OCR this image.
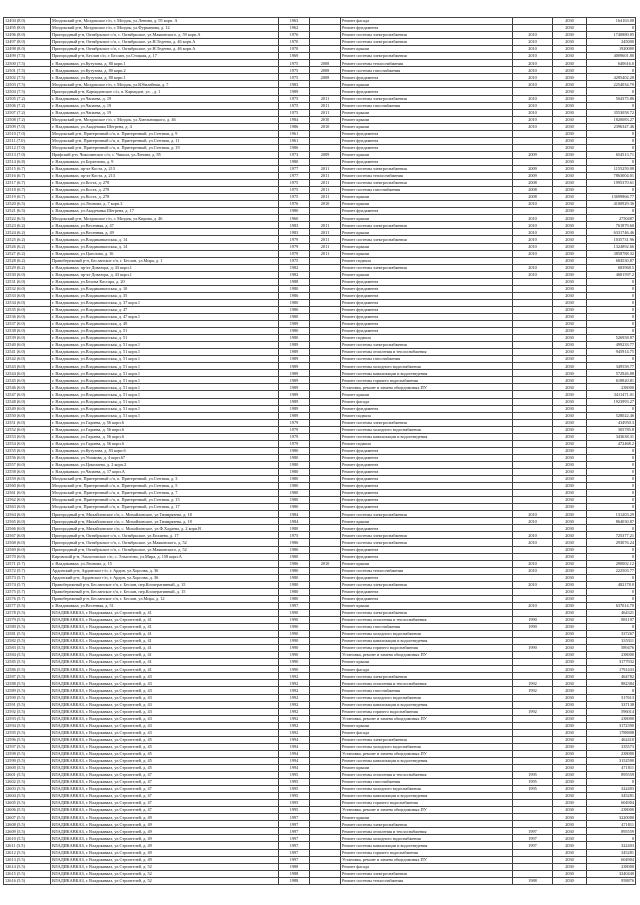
12494 (8.0)	Моздокский р-н, Моздокское г/п, г. Моздок, ул.Ленина, д. 95 корп. А	1963		Ремонт фасада		2030	164163.08
12495 (8.0)	Моздокский р-н, Моздокское г/п, г. Моздок, ул.Фурманова, д. 12	1962		Ремонт фундамента		2030	0
12496 (8.0)	Пригородный р-н, Октябрьское с/п, с. Октябрьское, ул.Маяковского, д. 59 корп.А	1976		Ремонт системы электроснабжения	2010	2030	1740880.85
12497 (8.0)	Пригородный р-н, Октябрьское с/п, с. Октябрьское, ул.Н.Тедеева, д. 46 корп.А	1970		Ремонт системы электроснабжения	2010	2030	245000
12498 (8.0)	Пригородный р-н, Октябрьское с/п, с. Октябрьское, ул.Н.Тедеева, д. 46 корп.А	1970		Ремонт крыши	2010	2030	1920000
12499 (7.5)	Пригородный р-н, Беслан с/п, г. Беслан, ул.Стоцкая, д. 17	1969		Ремонт системы электроснабжения	2010	2030	4009601.80
12500 (7.5)	г. Владикавказ, ул.Кутузова, д. 80 корп.1	1975	2008	Ремонт системы теплоснабжения	2010	2030	640616.0
12501 (7.5)	г. Владикавказ, ул.Кутузова, д. 80 корп.2	1975	2008	Ремонт системы газоснабжения	2010	2030	0
12502 (7.5)	г. Владикавказ, ул.Кутузова, д. 80 корп.1	1975	2008	Ремонт фундамента	2010	2030	4285402.28
12503 (7.5)	Моздокский р-н, Моздокское г/п, г. Моздок, ул.Юбилейная, д. 7	1983		Ремонт крыши	2010	2030	2254034.79
12504 (7.5)	Пригородный р-н, Кармадонское с/п, п. Кармадон, ул. , д. 1	1989		Ремонт фундамента		2030	0
12505 (7.2)	г. Владикавказ, ул.Чапаева, д. 19	1975	2011	Ремонт системы электроснабжения	2010	2030	504375.86
12506 (7.2)	г. Владикавказ, ул.Чапаева, д. 19	1975	2011	Ремонт системы газоснабжения	2010	2030	0
12507 (7.2)	г. Владикавказ, ул.Чапаева, д. 19	1975	2011	Ремонт крыши	2010	2030	3553058.72
12508 (7.2)	Моздокский р-н, Моздокское г/п, г. Моздок, ул.Хмельницкого, д. 46	1984	2010	Ремонт крыши	2010	2030	1820083.27
12509 (7.0)	г. Владикавказ, ул.Академика Шегрена, д. 4	1986	2010	Ремонт крыши	2010	2030	2396347.46
12510 (7.0)	Моздокский р-н, Притеречный с/п, п. Притеречный, ул.Степная, д. 9	1961		Ремонт фундамента		2030	0
12511 (7.0)	Моздокский р-н, Притеречный с/п, п. Притеречный, ул.Степная, д. 11	1961		Ремонт фундамента		2030	0
12512 (7.0)	Моздокский р-н, Притеречный с/п, п. Притеречный, ул.Степная, д. 19	1986		Ремонт фундамента		2030	0
12513 (7.0)	Ирафский р-н, Чиколинское с/п, с. Чикола, ул.Ленина, д. 85	1973	2009	Ремонт крыши	2009	2030	654513.71
12514 (6.8)	г. Владикавказ, ул.Борхенова, д. 9	1980		Ремонт фундамента		2030	0
12515 (6.7)	г. Владикавказ, пр-кт Коста, д. 213	1977	2011	Ремонт системы электроснабжения	2009	2030	1155259.08
12516 (6.7)	г. Владикавказ, пр-кт Коста, д. 213	1977	2011	Ремонт системы теплоснабжения	2009	2030	7863004.01
12517 (6.7)	г. Владикавказ, ул.Коста, д. 278	1975	2011	Ремонт системы электроснабжения	2008	2030	1995370.61
12518 (6.7)	г. Владикавказ, ул.Коста, д. 278	1975	2011	Ремонт системы газоснабжения	2008	2030	0
12519 (6.7)	г. Владикавказ, ул.Коста, д. 278	1975	2011	Ремонт крыши	2008	2030	13699866.77
12520 (6.5)	г. Владикавказ, ул.Леонова, д. 7 корп.3	1976	2010	Ремонт крыши	2010	2030	4100929.36
12521 (6.5)	г. Владикавказ, ул.Академика Шегрена, д. 17	1980		Ремонт фундамента		2030	0
12522 (6.5)	Моздокский р-н, Моздокское г/п, г. Моздок, ул.Кирова, д. 46	1960		Ремонт крыши	2010	2030	2750487
12523 (6.2)	г. Владикавказ, ул.Весенняя, д. 47	1983	2011	Ремонт системы электроснабжения	2010	2030	761879.60
12524 (6.2)	г. Владикавказ, ул.Весенняя, д. 49	1983	2011	Ремонт крыши	2010	2030	6331746.46
12525 (6.2)	г. Владикавказ, ул.Владикавказская, д. 14	1979	2011	Ремонт системы электроснабжения	2010	2030	1035731.96
12526 (6.2)	г. Владикавказ, ул.Владикавказская, д. 14	1979	2011	Ремонт крыши	2010	2030	1324892.66
12527 (6.2)	г. Владикавказ, ул.Цаголова, д. 16	1979	2011	Ремонт крыши	2010	2030	3858788.32
12528 (6.2)	Правобережный р-н, Бесланское г/п, г. Беслан, ул.Мира, д. 1	1975		Ремонт подвала		2030	684530.87
12529 (6.2)	г. Владикавказ, пр-кт Доватора, д. 43 корп.1	1982		Ремонт системы электроснабжения	2010	2030	683968.5
12530 (6.0)	г. Владикавказ, пр-кт Доватора, д. 43 корп.1	1982		Ремонт крыши	2010	2030	4681597.2
12531 (6.0)	г. Владикавказ, ул.Белова Кассара, д. 20	1988		Ремонт фундамента		2030	0
12532 (6.0)	г. Владикавказ, ул.Владикавказская, д. 10	1980		Ремонт фундамента		2030	0
12533 (6.0)	г. Владикавказ, ул.Владикавказская, д. 35	1986		Ремонт фундамента		2030	0
12534 (6.0)	г. Владикавказ, ул.Владикавказская, д. 37 корп.1	1980		Ремонт фундамента		2030	0
12535 (6.0)	г. Владикавказ, ул.Владикавказская, д. 47	1986		Ремонт фундамента		2030	0
12536 (6.0)	г. Владикавказ, ул.Владикавказская, д. 47 корп.1	1980		Ремонт фундамента		2030	0
12537 (6.0)	г. Владикавказ, ул.Владикавказская, д. 49	1989		Ремонт фундамента		2030	0
12538 (6.0)	г. Владикавказ, ул.Владикавказская, д. 51	1980		Ремонт фундамента		2030	0
12539 (6.0)	г. Владикавказ, ул.Владикавказская, д. 51	1980		Ремонт подвала		2030	526958.87
12540 (6.0)	г. Владикавказ, ул.Владикавказская, д. 51 корп.1	1989		Ремонт системы электроснабжения		2030	499233.77
12541 (6.0)	г. Владикавказ, ул.Владикавказская, д. 51 корп.1	1989		Ремонт системы отопления и теплоснабжения		2030	945914.75
12542 (6.0)	г. Владикавказ, ул.Владикавказская, д. 51 корп.1	1989		Ремонт системы газоснабжения		2030	0
12543 (6.0)	г. Владикавказ, ул.Владикавказская, д. 51 корп.1	1989		Ремонт системы холодного водоснабжения		2030	349558.77
12544 (6.0)	г. Владикавказ, ул.Владикавказская, д. 51 корп.1	1989		Ремонт системы канализации и водоотведения		2030	572926.88
12545 (6.0)	г. Владикавказ, ул.Владикавказская, д. 51 корп.1	1989		Ремонт системы горячего водоснабжения		2030	618820.81
12546 (6.0)	г. Владикавказ, ул.Владикавказская, д. 51 корп.1	1989		Установка, ремонт и замена общедомовых ПУ		2030	238000
12547 (6.0)	г. Владикавказ, ул.Владикавказская, д. 51 корп.1	1989		Ремонт крыши		2030	3411471.01
12548 (6.0)	г. Владикавказ, ул.Владикавказская, д. 51 корп.1	1989		Ремонт фасада		2030	1923993.27
12549 (6.0)	г. Владикавказ, ул.Владикавказская, д. 51 корп.1	1989		Ремонт фундамента		2030	0
12550 (6.0)	г. Владикавказ, ул.Владикавказская, д. 51 корп.1	1989		Ремонт подвала		2030	528022.46
12551 (6.0)	г. Владикавказ, ул.Гадиева, д. 56 корп.6	1979		Ремонт системы электроснабжения		2030	434950.3
12552 (6.0)	г. Владикавказ, ул.Гадиева, д. 56 корп.6	1979		Ремонт системы холодного водоснабжения		2030	305785.8
12553 (6.0)	г. Владикавказ, ул.Гадиева, д. 56 корп.6	1979		Ремонт системы канализации и водоотведения		2030	343638.31
12554 (6.0)	г. Владикавказ, ул.Гадиева, д. 56 корп.6	1979		Ремонт подвала		2030	472468.2
12555 (6.0)	г. Владикавказ, ул.Кутузова, д. 83 корп.6	1980		Ремонт фундамента		2030	0
12556 (6.0)	г. Владикавказ, ул.Ушакова, д. 4 корп.67	1980		Ремонт фундамента		2030	0
12557 (6.0)	г. Владикавказ, ул.Цоколаева, д. 2 корп.2	1980		Ремонт фундамента		2030	0
12558 (6.0)	г. Владикавказ, ул.Чапаева, д. 17 корп.А	1980		Ремонт фундамента		2030	0
12559 (6.0)	Моздокский р-н, Притеречный с/п, п. Притеречный, ул.Степная, д. 3	1980		Ремонт фундамента		2030	0
12560 (6.0)	Моздокский р-н, Притеречный с/п, п. Притеречный, ул.Степная, д. 5	1980		Ремонт фундамента		2030	0
12561 (6.0)	Моздокский р-н, Притеречный с/п, п. Притеречный, ул.Степная, д. 7	1980		Ремонт фундамента		2030	0
12562 (6.0)	Моздокский р-н, Притеречный с/п, п. Притеречный, ул.Степная, д. 15	1980		Ремонт фундамента		2030	0
12563 (6.0)	Моздокский р-н, Притеречный с/п, п. Притеречный, ул.Степная, д. 17	1980		Ремонт фундамента		2030	0
12564 (6.0)	Пригородный р-н, Михайловское с/п, с. Михайловское, ул.Тимирязева, д. 18	1984		Ремонт системы электроснабжения	2010	2030	131203.29
12565 (6.0)	Пригородный р-н, Михайловское с/п, с. Михайловское, ул.Тимирязева, д. 18	1984		Ремонт крыши	2010	2030	864030.87
12566 (6.0)	Пригородный р-н, Михайловское с/п, с. Михайловское, ул.Ф.Хадаева, д. 2 корп.В	1980		Ремонт фундамента		2030	0
12567 (6.0)	Пригородный р-н, Октябрьское с/п, с. Октябрьское, ул.Епхиева, д. 17	1975		Ремонт системы электроснабжения	2010	2030	725377.21
12568 (6.0)	Пригородный р-н, Октябрьское с/п, с. Октябрьское, ул.Маяковского, д. 52	1986		Ремонт системы электроснабжения	2010	2030	293076.24
12569 (6.0)	Пригородный р-н, Октябрьское с/п, с. Октябрьское, ул.Маяковского, д. 52	1986		Ремонт фундамента		2030	0
12570 (6.0)	Кировский р-н, Эльхотовское с/п, с. Эльхотово, ул.Мира, д. 158 корп.А	1980		Ремонт фундамента		2030	0
12571 (5.7)	г. Владикавказ, ул.Леонова, д. 15	1986	2010	Ремонт крыши	2010	2030	290002.12
12572 (5.7)	Ардонский р-н, Ардонское г/п, г. Ардон, ул.Хоролва, д. 36	1980		Ремонт системы теплоснабжения	2010	2030	222503.77
12573 (5.7)	Ардонский р-н, Ардонское г/п, г. Ардон, ул.Хоролва, д. 36	1980		Ремонт фундамента		2030	0
12574 (5.7)	Правобережный р-н, Бесланское г/п, г. Беслан, пер.Кооперативный, д. 15	1980		Ремонт системы электроснабжения	2010	2030	482178.0
12575 (5.7)	Правобережный р-н, Бесланское г/п, г. Беслан, пер.Кооперативный, д. 15	1980		Ремонт фундамента		2030	0
12576 (5.7)	Правобережный р-н, Бесланское г/п, г. Беслан, ул.Мира, д. 12	1980		Ремонт фундамента		2030	0
12577 (5.5)	г. Владикавказ, ул.Весенняя, д. 51	1997		Ремонт крыши	2010	2030	637014.70
12578 (5.5)	ВЛАДИКАВКАЗ, г. Владикавказ, ул.Строителей, д. 41	1990		Ремонт системы электроснабжения		2030	464321
12579 (5.5)	ВЛАДИКАВКАЗ, г. Владикавказ, ул.Строителей, д. 41	1990		Ремонт системы отопления и теплоснабжения	1990	2030	881197
12580 (5.5)	ВЛАДИКАВКАЗ, г. Владикавказ, ул.Строителей, д. 41	1990		Ремонт системы газоснабжения	1990	2030	0
12581 (5.5)	ВЛАДИКАВКАЗ, г. Владикавказ, ул.Строителей, д. 41	1990		Ремонт системы холодного водоснабжения		2030	337267
12582 (5.5)	ВЛАДИКАВКАЗ, г. Владикавказ, ул.Строителей, д. 41	1990		Ремонт системы канализации и водоотведения		2030	335311
12583 (5.5)	ВЛАДИКАВКАЗ, г. Владикавказ, ул.Строителей, д. 41	1990		Ремонт системы горячего водоснабжения	1990	2030	589476
12584 (5.5)	ВЛАДИКАВКАЗ, г. Владикавказ, ул.Строителей, д. 41	1990		Установка, ремонт и замена общедомовых ПУ		2030	238000
12585 (5.5)	ВЛАДИКАВКАЗ, г. Владикавказ, ул.Строителей, д. 41	1990		Ремонт крыши		2030	3177932
12586 (5.5)	ВЛАДИКАВКАЗ, г. Владикавказ, ул.Строителей, д. 41	1990		Ремонт фасада		2030	1791433
12587 (5.5)	ВЛАДИКАВКАЗ, г. Владикавказ, ул.Строителей, д. 43	1992		Ремонт системы электроснабжения		2030	464782
12588 (5.5)	ВЛАДИКАВКАЗ, г. Владикавказ, ул.Строителей, д. 43	1992		Ремонт системы отопления и теплоснабжения	1992	2030	882384
12589 (5.5)	ВЛАДИКАВКАЗ, г. Владикавказ, ул.Строителей, д. 43	1992		Ремонт системы газоснабжения	1992	2030	0
12590 (5.5)	ВЛАДИКАВКАЗ, г. Владикавказ, ул.Строителей, д. 43	1992		Ремонт системы холодного водоснабжения		2030	317613
12591 (5.5)	ВЛАДИКАВКАЗ, г. Владикавказ, ул.Строителей, д. 43	1992		Ремонт системы канализации и водоотведения		2030	337138
12592 (5.5)	ВЛАДИКАВКАЗ, г. Владикавказ, ул.Строителей, д. 43	1992		Ремонт системы горячего водоснабжения	1992	2030	596014
12593 (5.5)	ВЛАДИКАВКАЗ, г. Владикавказ, ул.Строителей, д. 43	1992		Установка, ремонт и замена общедомовых ПУ		2030	238000
12594 (5.5)	ВЛАДИКАВКАЗ, г. Владикавказ, ул.Строителей, д. 43	1992		Ремонт крыши		2030	3172390
12595 (5.5)	ВЛАДИКАВКАЗ, г. Владикавказ, ул.Строителей, д. 43	1992		Ремонт фасада		2030	1788808
12596 (5.5)	ВЛАДИКАВКАЗ, г. Владикавказ, ул.Строителей, д. 45	1994		Ремонт системы электроснабжения		2030	462410
12597 (5.5)	ВЛАДИКАВКАЗ, г. Владикавказ, ул.Строителей, д. 45	1994		Ремонт системы холодного водоснабжения		2030	335573
12598 (5.5)	ВЛАДИКАВКАЗ, г. Владикавказ, ул.Строителей, д. 45	1994		Установка, ремонт и замена общедомовых ПУ		2030	238000
12599 (5.5)	ВЛАДИКАВКАЗ, г. Владикавказ, ул.Строителей, д. 45	1994		Ремонт системы канализации и водоотведения		2030	3152590
12600 (5.5)	ВЛАДИКАВКАЗ, г. Владикавказ, ул.Строителей, д. 45	1994		Ремонт крыши		2030	471811
12601 (5.5)	ВЛАДИКАВКАЗ, г. Владикавказ, ул.Строителей, д. 47	1995		Ремонт системы отопления и теплоснабжения	1995	2030	895559
12602 (5.5)	ВЛАДИКАВКАЗ, г. Владикавказ, ул.Строителей, д. 47	1995		Ремонт системы газоснабжения	1995	2030	0
12603 (5.5)	ВЛАДИКАВКАЗ, г. Владикавказ, ул.Строителей, д. 47	1995		Ремонт системы холодного водоснабжения	1995	2030	322403
12604 (5.5)	ВЛАДИКАВКАЗ, г. Владикавказ, ул.Строителей, д. 47	1995		Ремонт системы канализации и водоотведения		2030	345281
12605 (5.5)	ВЛАДИКАВКАЗ, г. Владикавказ, ул.Строителей, д. 47	1995		Ремонт системы горячего водоснабжения		2030	604904
12606 (5.5)	ВЛАДИКАВКАЗ, г. Владикавказ, ул.Строителей, д. 47	1995		Установка, ремонт и замена общедомовых ПУ		2030	238000
12607 (5.5)	ВЛАДИКАВКАЗ, г. Владикавказ, ул.Строителей, д. 49	1997		Ремонт крыши		2030	3220080
12608 (5.5)	ВЛАДИКАВКАЗ, г. Владикавказ, ул.Строителей, д. 49	1997		Ремонт системы электроснабжения		2030	471811
12609 (5.5)	ВЛАДИКАВКАЗ, г. Владикавказ, ул.Строителей, д. 49	1997		Ремонт системы отопления и теплоснабжения	1997	2030	895559
12610 (5.5)	ВЛАДИКАВКАЗ, г. Владикавказ, ул.Строителей, д. 49	1997		Ремонт системы холодного водоснабжения	1997	2030	0
12611 (5.5)	ВЛАДИКАВКАЗ, г. Владикавказ, ул.Строителей, д. 49	1997		Ремонт системы канализации и водоотведения	1997	2030	322403
12612 (5.5)	ВЛАДИКАВКАЗ, г. Владикавказ, ул.Строителей, д. 49	1997		Ремонт системы горячего водоснабжения		2030	345281
12613 (5.5)	ВЛАДИКАВКАЗ, г. Владикавказ, ул.Строителей, д. 49	1997		Установка, ремонт и замена общедомовых ПУ		2030	604904
12614 (5.5)	ВЛАДИКАВКАЗ, г. Владикавказ, ул.Строителей, д. 52	1988		Ремонт фасада		2030	238000
12615 (5.5)	ВЛАДИКАВКАЗ, г. Владикавказ, ул.Строителей, д. 52	1988		Ремонт системы электроснабжения		2030	3240440
12616 (5.5)	ВЛАДИКАВКАЗ, г. Владикавказ, ул.Строителей, д. 52	1988		Ремонт системы теплоснабжения	1988	2030	958876
